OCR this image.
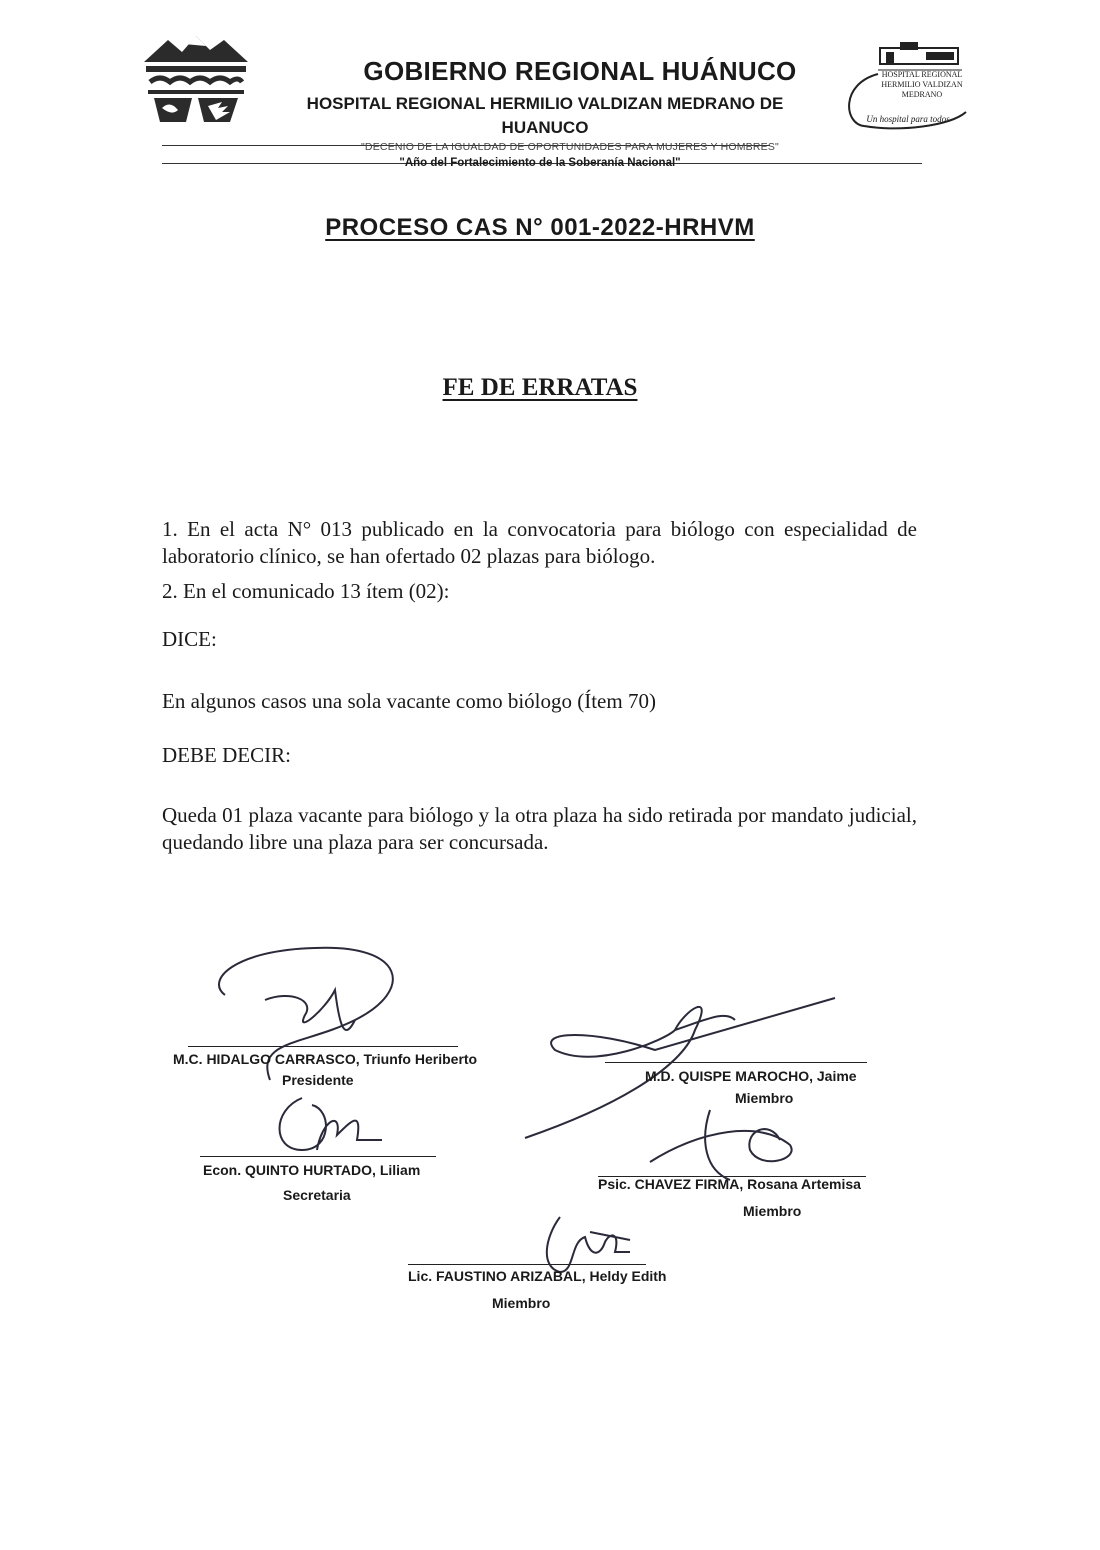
HOSPITAL REGIONAL
HERMILIO VALDIZAN
MEDRANO
Un hospital para todos
GOBIERNO REGIONAL HUÁNUCO
HOSPITAL REGIONAL HERMILIO VALDIZAN MEDRANO DE
HUANUCO
"DECENIO DE LA IGUALDAD DE OPORTUNIDADES PARA MUJERES Y HOMBRES"
"Año del Fortalecimiento de la Soberanía Nacional"
PROCESO CAS N° 001-2022-HRHVM
FE DE ERRATAS
1. En el acta N° 013 publicado en la convocatoria para biólogo con especialidad de laboratorio clínico, se han ofertado 02 plazas para biólogo.
2. En el comunicado 13 ítem (02):
DICE:
En algunos casos una sola vacante como biólogo (Ítem 70)
DEBE DECIR:
Queda 01 plaza vacante para biólogo y la otra plaza ha sido retirada por mandato judicial, quedando libre una plaza para ser concursada.
M.C. HIDALGO CARRASCO, Triunfo Heriberto
Presidente	M.D. QUISPE MAROCHO, Jaime
Miembro
Econ. QUINTO HURTADO, Liliam
Secretaria
Psic. CHAVEZ FIRMA, Rosana Artemisa
Miembro
Lic. FAUSTINO ARIZABAL, Heldy Edith
Miembro
